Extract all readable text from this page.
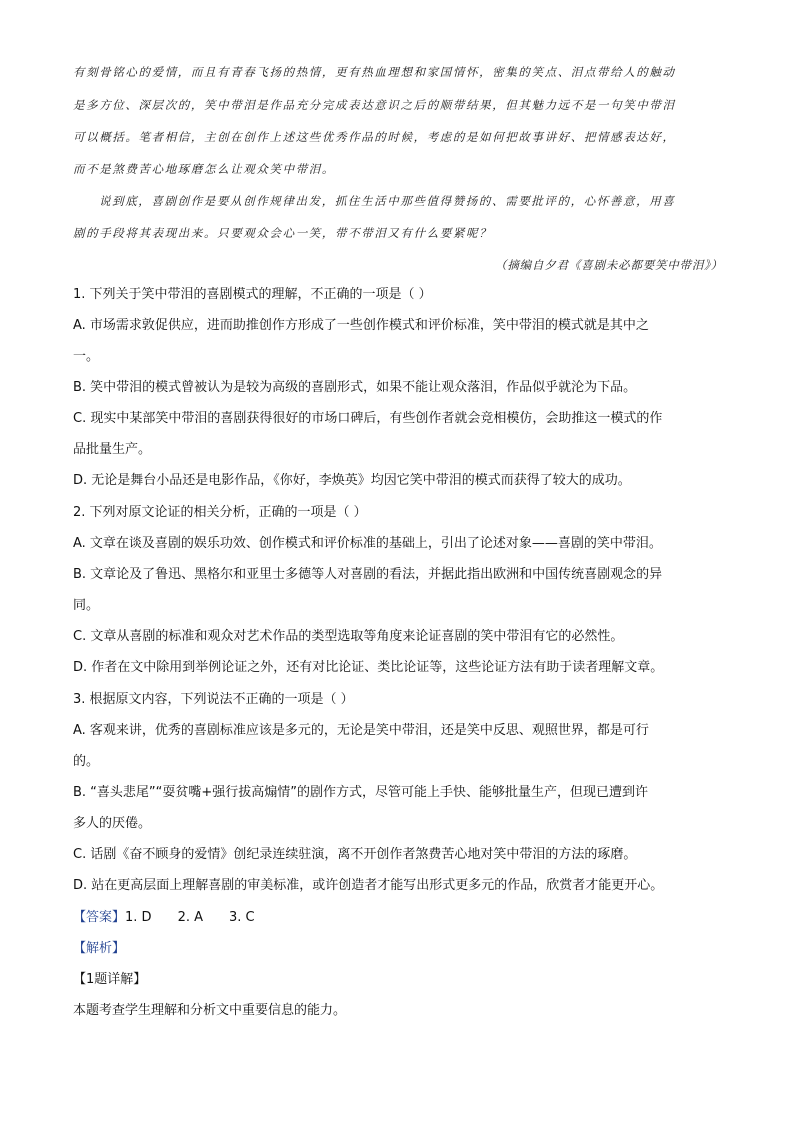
有刻骨铭心的爱情，而且有青春飞扬的热情，更有热血理想和家国情怀，密集的笑点、泪点带给人的触动
是多方位、深层次的，笑中带泪是作品充分完成表达意识之后的顺带结果，但其魅力远不是一句笑中带泪
可以概括。笔者相信，主创在创作上述这些优秀作品的时候，考虑的是如何把故事讲好、把情感表达好，
而不是煞费苦心地琢磨怎么让观众笑中带泪。
说到底，喜剧创作是要从创作规律出发，抓住生活中那些值得赞扬的、需要批评的，心怀善意，用喜
剧的手段将其表现出来。只要观众会心一笑，带不带泪又有什么要紧呢？
（摘编自夕君《喜剧未必都要笑中带泪》）
1. 下列关于笑中带泪的喜剧模式的理解，不正确的一项是（ ）
A. 市场需求敦促供应，进而助推创作方形成了一些创作模式和评价标准，笑中带泪的模式就是其中之
一。
B. 笑中带泪的模式曾被认为是较为高级的喜剧形式，如果不能让观众落泪，作品似乎就沦为下品。
C. 现实中某部笑中带泪的喜剧获得很好的市场口碑后，有些创作者就会竞相模仿，会助推这一模式的作
品批量生产。
D. 无论是舞台小品还是电影作品，《你好，李焕英》均因它笑中带泪的模式而获得了较大的成功。
2. 下列对原文论证的相关分析，正确的一项是（ ）
A. 文章在谈及喜剧的娱乐功效、创作模式和评价标准的基础上，引出了论述对象——喜剧的笑中带泪。
B. 文章论及了鲁迅、黑格尔和亚里士多德等人对喜剧的看法，并据此指出欧洲和中国传统喜剧观念的异
同。
C. 文章从喜剧的标准和观众对艺术作品的类型选取等角度来论证喜剧的笑中带泪有它的必然性。
D. 作者在文中除用到举例论证之外，还有对比论证、类比论证等，这些论证方法有助于读者理解文章。
3. 根据原文内容，下列说法不正确的一项是（ ）
A. 客观来讲，优秀的喜剧标准应该是多元的，无论是笑中带泪，还是笑中反思、观照世界，都是可行
的。
B. “喜头悲尾”“耍贫嘴+强行拔高煽情”的剧作方式，尽管可能上手快、能够批量生产，但现已遭到许
多人的厌倦。
C. 话剧《奋不顾身的爱情》创纪录连续驻演，离不开创作者煞费苦心地对笑中带泪的方法的琢磨。
D. 站在更高层面上理解喜剧的审美标准，或许创造者才能写出形式更多元的作品，欣赏者才能更开心。
【答案】1. D 2. A 3. C
【解析】
【1题详解】
本题考查学生理解和分析文中重要信息的能力。
